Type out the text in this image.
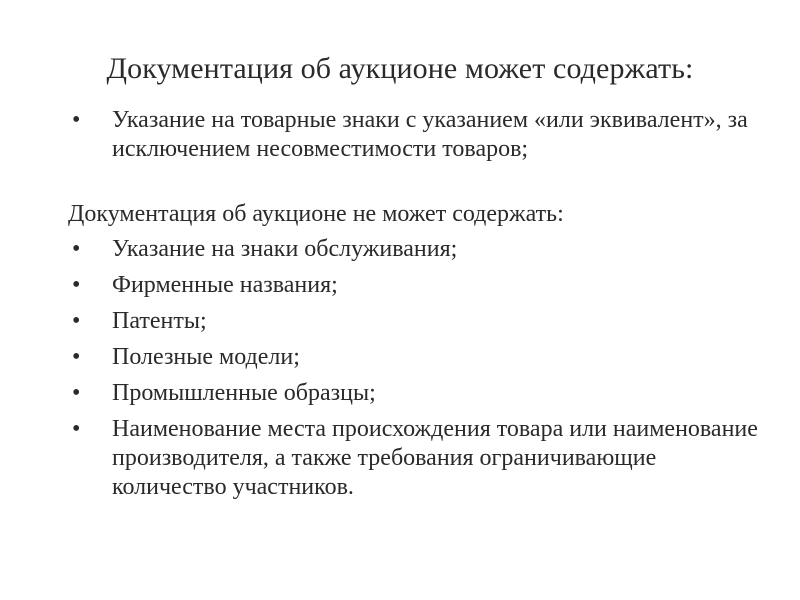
Документация об аукционе может содержать:
•	Указание на товарные знаки с указанием «или эквивалент», за исключением несовместимости товаров;
Документация об аукционе не может содержать:
•	Указание на знаки обслуживания;
•	Фирменные названия;
•	Патенты;
•	Полезные модели;
•	Промышленные образцы;
•	Наименование места происхождения товара или наименование производителя, а также требования ограничивающие количество участников.
